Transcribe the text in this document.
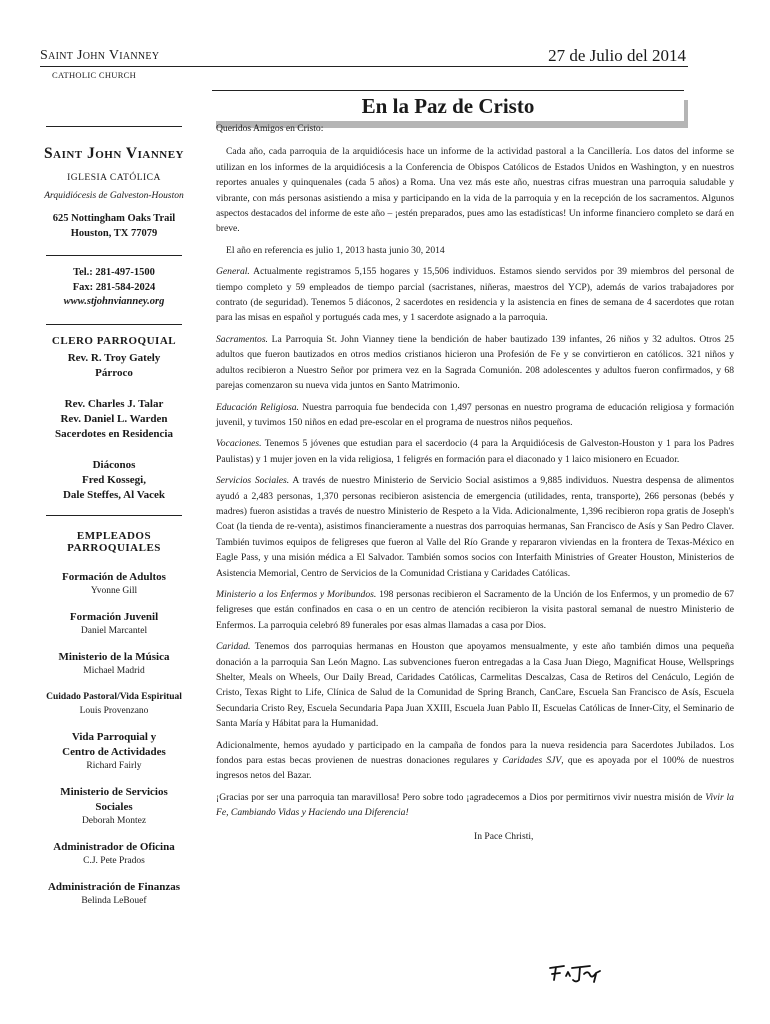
Saint John Vianney
CATHOLIC CHURCH
27 de Julio del 2014
En la Paz de Cristo
Saint John Vianney
IGLESIA CATÓLICA
Arquidiócesis de Galveston-Houston
625 Nottingham Oaks Trail
Houston, TX 77079
Tel.: 281-497-1500
Fax: 281-584-2024
www.stjohnvianney.org
CLERO PARROQUIAL
Rev. R. Troy Gately
Párroco
Rev. Charles J. Talar
Rev. Daniel L. Warden
Sacerdotes en Residencia
Diáconos
Fred Kossegi,
Dale Steffes, Al Vacek
EMPLEADOS
PARROQUIALES
Formación de Adultos
Yvonne Gill
Formación Juvenil
Daniel Marcantel
Ministerio de la Música
Michael Madrid
Cuidado Pastoral/Vida Espiritual
Louis Provenzano
Vida Parroquial y
Centro de Actividades
Richard Fairly
Ministerio de Servicios
Sociales
Deborah Montez
Administrador de Oficina
C.J. Pete Prados
Administración de Finanzas
Belinda LeBouef

Queridos Amigos en Cristo:

Cada año, cada parroquia de la arquidiócesis hace un informe de la actividad pastoral a la Cancillería. Los datos del informe se utilizan en los informes de la arquidiócesis a la Conferencia de Obispos Católicos de Estados Unidos en Washington, y en nuestros reportes anuales y quinquenales (cada 5 años) a Roma. Una vez más este año, nuestras cifras muestran una parroquia saludable y vibrante, con más personas asistiendo a misa y participando en la vida de la parroquia y en la recepción de los sacramentos. Algunos aspectos destacados del informe de este año – ¡estén preparados, pues amo las estadísticas! Un informe financiero completo se dará en breve.

El año en referencia es julio 1, 2013 hasta junio 30, 2014

General. Actualmente registramos 5,155 hogares y 15,506 individuos. Estamos siendo servidos por 39 miembros del personal de tiempo completo y 59 empleados de tiempo parcial (sacristanes, niñeras, maestros del YCP), además de varios trabajadores por contrato (de seguridad). Tenemos 5 diáconos, 2 sacerdotes en residencia y la asistencia en fines de semana de 4 sacerdotes que rotan para las misas en español y portugués cada mes, y 1 sacerdote asignado a la parroquia.

Sacramentos. La Parroquia St. John Vianney tiene la bendición de haber bautizado 139 infantes, 26 niños y 32 adultos. Otros 25 adultos que fueron bautizados en otros medios cristianos hicieron una Profesión de Fe y se convirtieron en católicos. 321 niños y adultos recibieron a Nuestro Señor por primera vez en la Sagrada Comunión. 208 adolescentes y adultos fueron confirmados, y 68 parejas comenzaron su nueva vida juntos en Santo Matrimonio.

Educación Religiosa. Nuestra parroquia fue bendecida con 1,497 personas en nuestro programa de educación religiosa y formación juvenil, y tuvimos 150 niños en edad pre-escolar en el programa de nuestros niños pequeños.

Vocaciones. Tenemos 5 jóvenes que estudian para el sacerdocio (4 para la Arquidiócesis de Galveston-Houston y 1 para los Padres Paulistas) y 1 mujer joven en la vida religiosa, 1 feligrés en formación para el diaconado y 1 laico misionero en Ecuador.

Servicios Sociales. A través de nuestro Ministerio de Servicio Social asistimos a 9,885 individuos. Nuestra despensa de alimentos ayudó a 2,483 personas, 1,370 personas recibieron asistencia de emergencia (utilidades, renta, transporte), 266 personas (bebés y madres) fueron asistidas a través de nuestro Ministerio de Respeto a la Vida. Adicionalmente, 1,396 recibieron ropa gratis de Joseph's Coat (la tienda de re-venta), asistimos financieramente a nuestras dos parroquias hermanas, San Francisco de Asís y San Pedro Claver. También tuvimos equipos de feligreses que fueron al Valle del Río Grande y repararon viviendas en la frontera de Texas-México en Eagle Pass, y una misión médica a El Salvador. También somos socios con Interfaith Ministries of Greater Houston, Ministerios de Asistencia Memorial, Centro de Servicios de la Comunidad Cristiana y Caridades Católicas.

Ministerio a los Enfermos y Moribundos. 198 personas recibieron el Sacramento de la Unción de los Enfermos, y un promedio de 67 feligreses que están confinados en casa o en un centro de atención recibieron la visita pastoral semanal de nuestro Ministerio de Enfermos. La parroquia celebró 89 funerales por esas almas llamadas a casa por Dios.

Caridad. Tenemos dos parroquias hermanas en Houston que apoyamos mensualmente, y este año también dimos una pequeña donación a la parroquia San León Magno. Las subvenciones fueron entregadas a la Casa Juan Diego, Magnificat House, Wellsprings Shelter, Meals on Wheels, Our Daily Bread, Caridades Católicas, Carmelitas Descalzas, Casa de Retiros del Cenáculo, Legión de Cristo, Texas Right to Life, Clínica de Salud de la Comunidad de Spring Branch, CanCare, Escuela San Francisco de Asís, Escuela Secundaria Cristo Rey, Escuela Secundaria Papa Juan XXIII, Escuela Juan Pablo II, Escuelas Católicas de Inner-City, el Seminario de Santa María y Hábitat para la Humanidad.

Adicionalmente, hemos ayudado y participado en la campaña de fondos para la nueva residencia para Sacerdotes Jubilados. Los fondos para estas becas provienen de nuestras donaciones regulares y Caridades SJV, que es apoyada por el 100% de nuestros ingresos netos del Bazar.

¡Gracias por ser una parroquia tan maravillosa! Pero sobre todo ¡agradecemos a Dios por permitirnos vivir nuestra misión de Vivir la Fe, Cambiando Vidas y Haciendo una Diferencia!

In Pace Christi,
